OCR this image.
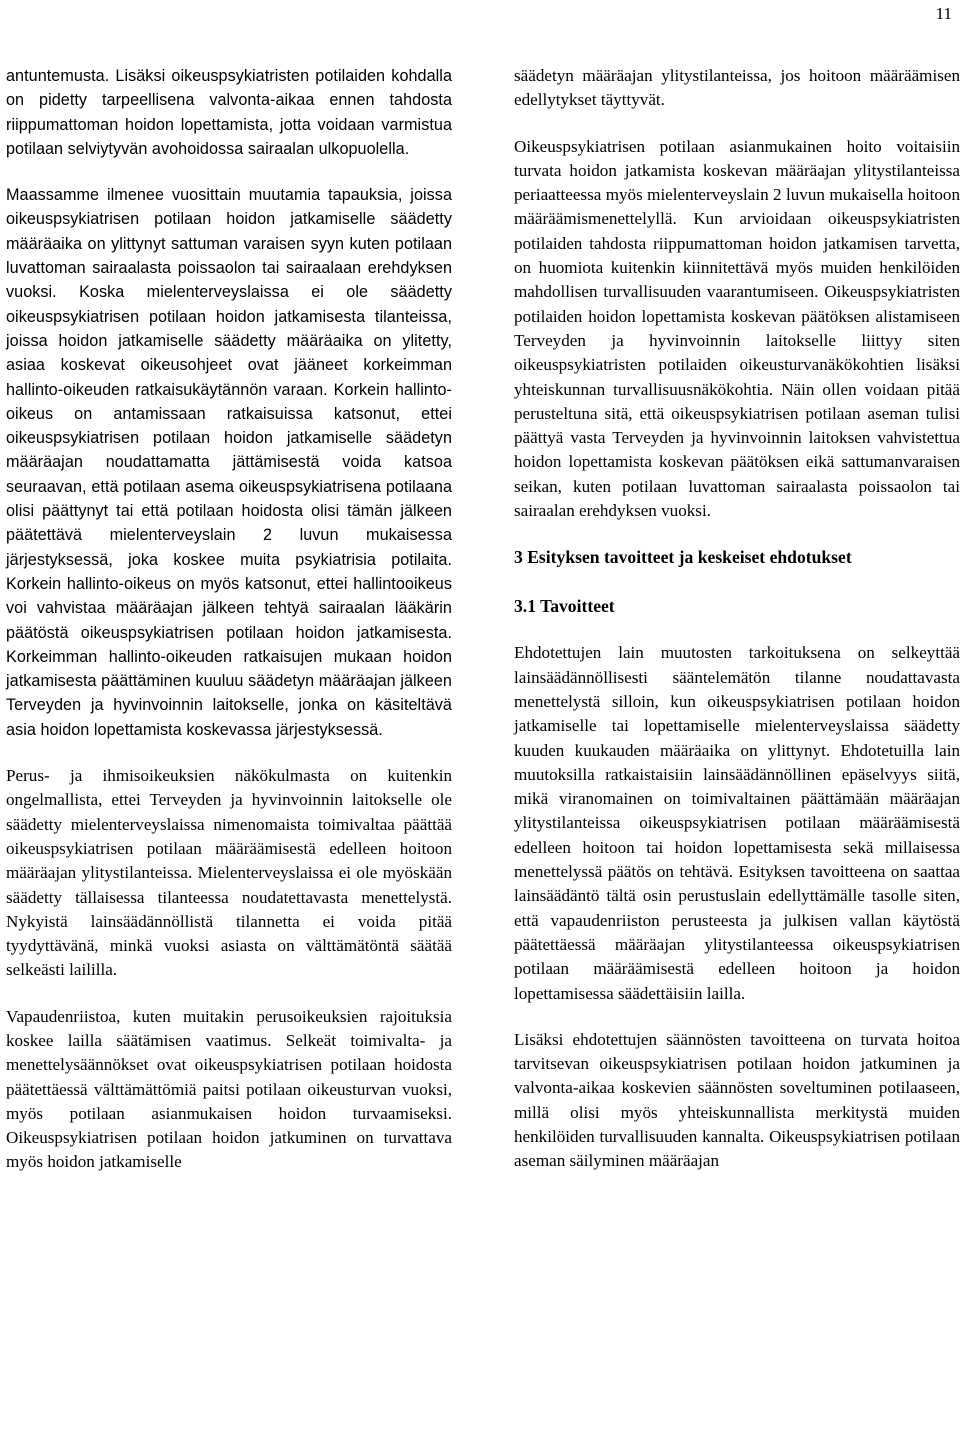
11

antuntemusta. Lisäksi oikeuspsykiatristen potilaiden kohdalla on pidetty tarpeellisena valvonta-aikaa ennen tahdosta riippumattoman hoidon lopettamista, jotta voidaan varmistua potilaan selviytyvän avohoidossa sairaalan ulkopuolella.

Maassamme ilmenee vuosittain muutamia tapauksia, joissa oikeuspsykiatrisen potilaan hoidon jatkamiselle säädetty määräaika on ylittynyt sattuman varaisen syyn kuten potilaan luvattoman sairaalasta poissaolon tai sairaalaan erehdyksen vuoksi. Koska mielenterveyslaissa ei ole säädetty oikeuspsykiatrisen potilaan hoidon jatkamisesta tilanteissa, joissa hoidon jatkamiselle säädetty määräaika on ylitetty, asiaa koskevat oikeusohjeet ovat jääneet korkeimman hallinto-oikeuden ratkaisukäytännön varaan. Korkein hallinto-oikeus on antamissaan ratkaisuissa katsonut, ettei oikeuspsykiatrisen potilaan hoidon jatkamiselle säädetyn määräajan noudattamatta jättämisestä voida katsoa seuraavan, että potilaan asema oikeuspsykiatrisena potilaana olisi päättynyt tai että potilaan hoidosta olisi tämän jälkeen päätettävä mielenterveyslain 2 luvun mukaisessa järjestyksessä, joka koskee muita psykiatrisia potilaita. Korkein hallinto-oikeus on myös katsonut, ettei hallintooikeus voi vahvistaa määräajan jälkeen tehtyä sairaalan lääkärin päätöstä oikeuspsykiatrisen potilaan hoidon jatkamisesta. Korkeimman hallinto-oikeuden ratkaisujen mukaan hoidon jatkamisesta päättäminen kuuluu säädetyn määräajan jälkeen Terveyden ja hyvinvoinnin laitokselle, jonka on käsiteltävä asia hoidon lopettamista koskevassa järjestyksessä.

Perus- ja ihmisoikeuksien näkökulmasta on kuitenkin ongelmallista, ettei Terveyden ja hyvinvoinnin laitokselle ole säädetty mielenterveyslaissa nimenomaista toimivaltaa päättää oikeuspsykiatrisen potilaan määräämisestä edelleen hoitoon määräajan ylitystilanteissa. Mielenterveyslaissa ei ole myöskään säädetty tällaisessa tilanteessa noudatettavasta menettelystä. Nykyistä lainsäädännöllistä tilannetta ei voida pitää tyydyttävänä, minkä vuoksi asiasta on välttämätöntä säätää selkeästi laililla.

Vapaudenriistoa, kuten muitakin perusoikeuksien rajoituksia koskee lailla säätämisen vaatimus. Selkeät toimivalta- ja menettelysäännökset ovat oikeuspsykiatrisen potilaan hoidosta päätettäessä välttämättömiä paitsi potilaan oikeusturvan vuoksi, myös potilaan asianmukaisen hoidon turvaamiseksi. Oikeuspsykiatrisen potilaan hoidon jatkuminen on turvattava myös hoidon jatkamiselle

säädetyn määräajan ylitystilanteissa, jos hoitoon määräämisen edellytykset täyttyvät.

Oikeuspsykiatrisen potilaan asianmukainen hoito voitaisiin turvata hoidon jatkamista koskevan määräajan ylitystilanteissa periaatteessa myös mielenterveyslain 2 luvun mukaisella hoitoon määräämismenettelyllä. Kun arvioidaan oikeuspsykiatristen potilaiden tahdosta riippumattoman hoidon jatkamisen tarvetta, on huomiota kuitenkin kiinnitettävä myös muiden henkilöiden mahdollisen turvallisuuden vaarantumiseen. Oikeuspsykiatristen potilaiden hoidon lopettamista koskevan päätöksen alistamiseen Terveyden ja hyvinvoinnin laitokselle liittyy siten oikeuspsykiatristen potilaiden oikeusturvanäkökohtien lisäksi yhteiskunnan turvallisuusnäkökohtia. Näin ollen voidaan pitää perusteltuna sitä, että oikeuspsykiatrisen potilaan aseman tulisi päättyä vasta Terveyden ja hyvinvoinnin laitoksen vahvistettua hoidon lopettamista koskevan päätöksen eikä sattumanvaraisen seikan, kuten potilaan luvattoman sairaalasta poissaolon tai sairaalan erehdyksen vuoksi.

3 Esityksen tavoitteet ja keskeiset ehdotukset
3.1 Tavoitteet

Ehdotettujen lain muutosten tarkoituksena on selkeyttää lainsäädännöllisesti sääntelemätön tilanne noudattavasta menettelystä silloin, kun oikeuspsykiatrisen potilaan hoidon jatkamiselle tai lopettamiselle mielenterveyslaissa säädetty kuuden kuukauden määräaika on ylittynyt. Ehdotetuilla lain muutoksilla ratkaistaisiin lainsäädännöllinen epäselvyys siitä, mikä viranomainen on toimivaltainen päättämään määräajan ylitystilanteissa oikeuspsykiatrisen potilaan määräämisestä edelleen hoitoon tai hoidon lopettamisesta sekä millaisessa menettelyssä päätös on tehtävä. Esityksen tavoitteena on saattaa lainsäädäntö tältä osin perustuslain edellyttämälle tasolle siten, että vapaudenriiston perusteesta ja julkisen vallan käytöstä päätettäessä määräajan ylitystilanteessa oikeuspsykiatrisen potilaan määräämisestä edelleen hoitoon ja hoidon lopettamisessa säädettäisiin lailla.

Lisäksi ehdotettujen säännösten tavoitteena on turvata hoitoa tarvitsevan oikeuspsykiatrisen potilaan hoidon jatkuminen ja valvonta-aikaa koskevien säännösten soveltuminen potilaaseen, millä olisi myös yhteiskunnallista merkitystä muiden henkilöiden turvallisuuden kannalta. Oikeuspsykiatrisen potilaan aseman säilyminen määräajan
